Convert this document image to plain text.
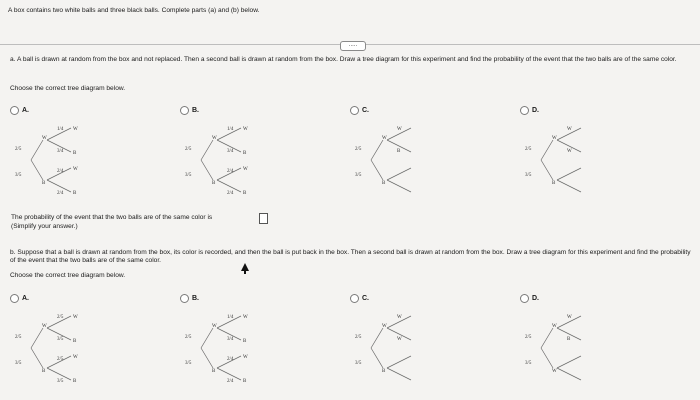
A box contains two white balls and three black balls. Complete parts (a) and (b) below.
.....
a. A ball is drawn at random from the box and not replaced. Then a second ball is drawn at random from the box. Draw a tree diagram for this experiment and find the probability of the event that the two balls are of the same color.
Choose the correct tree diagram below.
A.
2/5
3/5
W
B
1/4
3/4
W
B
2/4
2/4
W
B
B.
2/5
3/5
W
B
1/4
3/4
W
B
2/4
2/4
W
B
C.
2/5
3/5
W
B
W
B
D.
2/5
3/5
W
B
W
W
The probability of the event that the two balls are of the same color is
(Simplify your answer.)
b. Suppose that a ball is drawn at random from the box, its color is recorded, and then the ball is put back in the box. Then a second ball is drawn at random from the box. Draw a tree diagram for this experiment and find the probability of the event that the two balls are of the same color.
Choose the correct tree diagram below.
A.
2/5
3/5
W
B
2/5
3/5
W
B
2/5
3/5
W
B
B.
2/5
3/5
W
B
1/4
3/4
W
B
2/4
2/4
W
B
C.
2/5
3/5
W
B
W
W
D.
2/5
3/5
W
W
W
B
